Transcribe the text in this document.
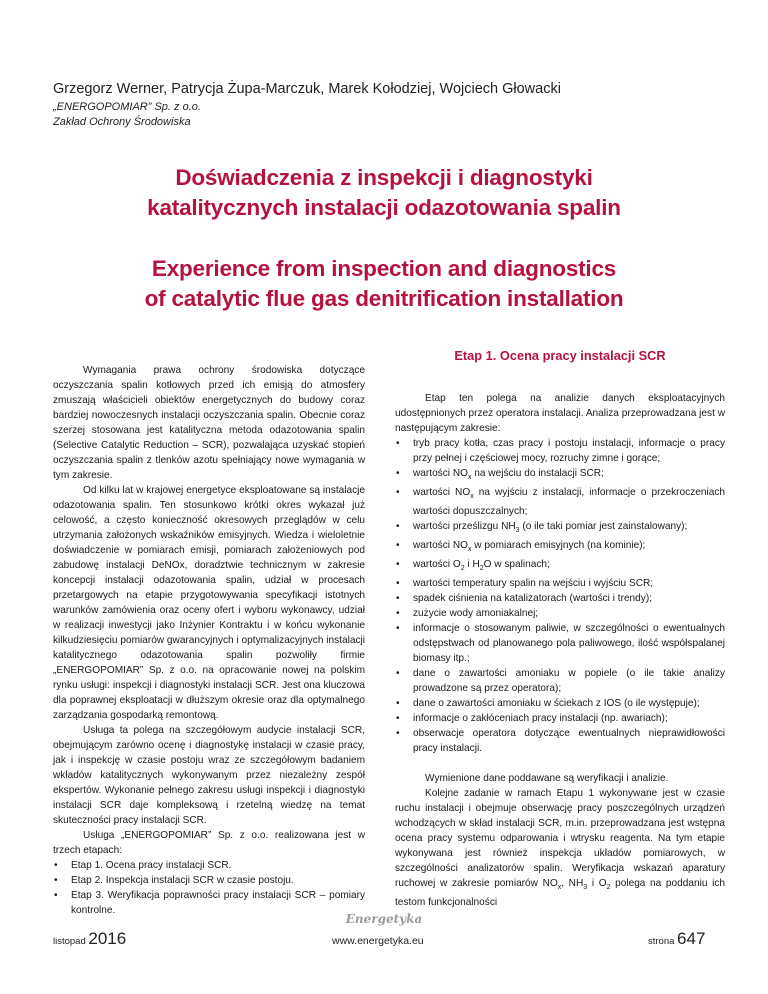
Grzegorz Werner, Patrycja Żupa-Marczuk, Marek Kołodziej, Wojciech Głowacki
„ENERGOPOMIAR” Sp. z o.o.
Zakład Ochrony Środowiska
Doświadczenia z inspekcji i diagnostyki
katalitycznych instalacji odazotowania spalin
Experience from inspection and diagnostics
of catalytic flue gas denitrification installation

Wymagania prawa ochrony środowiska dotyczące oczyszczania spalin kotłowych przed ich emisją do atmosfery zmuszają właścicieli obiektów energetycznych do budowy coraz bardziej nowoczesnych instalacji oczyszczania spalin. Obecnie coraz szerzej stosowana jest katalityczna metoda odazotowania spalin (Selective Catalytic Reduction – SCR), pozwalająca uzyskać stopień oczyszczania spalin z tlenków azotu spełniający nowe wymagania w tym zakresie.

Od kilku lat w krajowej energetyce eksploatowane są instalacje odazotowania spalin. Ten stosunkowo krótki okres wykazał już celowość, a często konieczność okresowych przeglądów w celu utrzymania założonych wskaźników emisyjnych. Wiedza i wieloletnie doświadczenie w pomiarach emisji, pomiarach założeniowych pod zabudowę instalacji DeNOx, doradztwie technicznym w zakresie koncepcji instalacji odazotowania spalin, udział w procesach przetargowych na etapie przygotowywania specyfikacji istotnych warunków zamówienia oraz oceny ofert i wyboru wykonawcy, udział w realizacji inwestycji jako Inżynier Kontraktu i w końcu wykonanie kilkudziesięciu pomiarów gwarancyjnych i optymalizacyjnych instalacji katalitycznego odazotowania spalin pozwoliły firmie „ENERGOPOMIAR” Sp. z o.o. na opracowanie nowej na polskim rynku usługi: inspekcji i diagnostyki instalacji SCR. Jest ona kluczowa dla poprawnej eksploatacji w dłuższym okresie oraz dla optymalnego zarządzania gospodarką remontową.

Usługa ta polega na szczegółowym audycie instalacji SCR, obejmującym zarówno ocenę i diagnostykę instalacji w czasie pracy, jak i inspekcję w czasie postoju wraz ze szczegółowym badaniem wkładów katalitycznych wykonywanym przez niezależny zespół ekspertów. Wykonanie pełnego zakresu usługi inspekcji i diagnostyki instalacji SCR daje kompleksową i rzetelną wiedzę na temat skuteczności pracy instalacji SCR.

Usługa „ENERGOPOMIAR” Sp. z o.o. realizowana jest w trzech etapach:

• Etap 1. Ocena pracy instalacji SCR.
• Etap 2. Inspekcja instalacji SCR w czasie postoju.
• Etap 3. Weryfikacja poprawności pracy instalacji SCR – pomiary kontrolne.
Etap 1. Ocena pracy instalacji SCR

Etap ten polega na analizie danych eksploatacyjnych udostępnionych przez operatora instalacji. Analiza przeprowadzana jest w następującym zakresie:

• tryb pracy kotła, czas pracy i postoju instalacji, informacje o pracy przy pełnej i częściowej mocy, rozruchy zimne i gorące;
• wartości $NO_x$ na wejściu do instalacji SCR;
• wartości $NO_x$ na wyjściu z instalacji, informacje o przekroczeniach wartości dopuszczalnych;
• wartości prześlizgu $NH_3$ (o ile taki pomiar jest zainstalowany);
• wartości $NO_x$ w pomiarach emisyjnych (na kominie);
• wartości $O_2$ i $H_2O$ w spalinach;
• wartości temperatury spalin na wejściu i wyjściu SCR;
• spadek ciśnienia na katalizatorach (wartości i trendy);
• zużycie wody amoniakalnej;
• informacje o stosowanym paliwie, w szczególności o ewentualnych odstępstwach od planowanego pola paliwowego, ilość współspalanej biomasy itp.;
• dane o zawartości amoniaku w popiele (o ile takie analizy prowadzone są przez operatora);
• dane o zawartości amoniaku w ściekach z IOS (o ile występuje);
• informacje o zakłóceniach pracy instalacji (np. awariach);
• obserwacje operatora dotyczące ewentualnych nieprawidłowości pracy instalacji.

Wymienione dane poddawane są weryfikacji i analizie.

Kolejne zadanie w ramach Etapu 1 wykonywane jest w czasie ruchu instalacji i obejmuje obserwację pracy poszczególnych urządzeń wchodzących w skład instalacji SCR, m.in. przeprowadzana jest wstępna ocena pracy systemu odparowania i wtrysku reagenta. Na tym etapie wykonywana jest również inspekcja układów pomiarowych, w szczególności analizatorów spalin. Weryfikacja wskazań aparatury ruchowej w zakresie pomiarów $NO_x$, $NH_3$ i $O_2$ polega na poddaniu ich testom funkcjonalności

Energetyka
listopad 2016	www.energetyka.eu	strona 647
